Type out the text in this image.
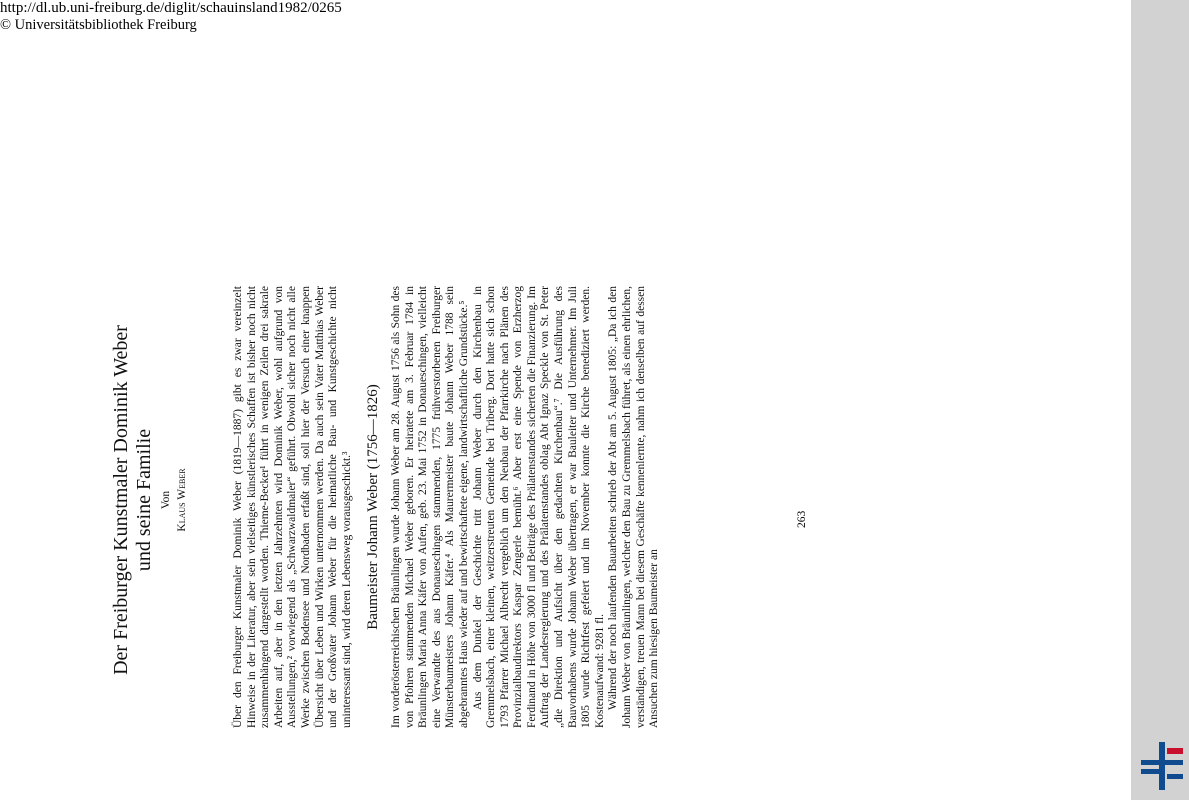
Der Freiburger Kunstmaler Dominik Weber und seine Familie Von Klaus Weber	Über den Freiburger Kunstmaler Dominik Weber (1819—1887) gibt es zwar vereinzelt Hinweise in der Literatur, aber sein vielseitiges künstlerisches Schaffen ist bisher noch nicht zusammenhängend dargestellt worden. Thieme-Becker¹ führt in wenigen Zeilen drei sakrale Arbeiten auf, aber in den letzten Jahrzehnten wird Dominik Weber, wohl aufgrund von Ausstellungen,² vorwiegend als „Schwarzwaldmaler“ geführt. Obwohl sicher noch nicht alle Werke zwischen Bodensee und Nordbaden erfaßt sind, soll hier der Versuch einer knappen Übersicht über Leben und Wirken unternommen werden. Da auch sein Vater Matthias Weber und der Großvater Johann Weber für die heimatliche Bau- und Kunstgeschichte nicht uninteressant sind, wird deren Lebensweg vorausgeschickt.³ Baumeister Johann Weber (1756—1826) Im vorderösterreichischen Bräunlingen wurde Johann Weber am 28. August 1756 als Sohn des von Pfohren stammenden Michael Weber geboren. Er heiratete am 3. Februar 1784 in Bräunlingen Maria Anna Käfer von Aufen, geb. 23. Mai 1752 in Donaueschingen, vielleicht eine Verwandte des aus Donaueschingen stammenden, 1775 frühverstorbenen Freiburger Münsterbaumeisters Johann Käfer.⁴ Als Maurermeister baute Johann Weber 1788 sein abgebranntes Haus wieder auf und bewirtschaftete eigene, landwirtschaftliche Grundstücke.⁵ Aus dem Dunkel der Geschichte tritt Johann Weber durch den Kirchenbau in Gremmelsbach, einer kleinen, weitzerstreuten Gemeinde bei Triberg. Dort hatte sich schon 1793 Pfarrer Michael Albrecht vergeblich um den Neubau der Pfarrkirche nach Plänen des Provinzialbaudirektors Kaspar Zengerle bemüht.⁶ Aber erst eine Spende von Erzherzog Ferdinand in Höhe von 3000 fl und Beiträge des Prälatenstandes sicherten die Finanzierung. Im Auftrag der Landesregierung und des Prälatenstandes oblag Abt Ignaz Speckle von St. Peter „die Direktion und Aufsicht über den gedachten Kirchenbau“.⁷ Die Ausführung des Bauvorhabens wurde Johann Weber übertragen, er war Bauleiter und Unternehmer. Im Juli 1805 wurde Richtfest gefeiert und im November konnte die Kirche benediziert werden. Kostenaufwand: 9281 fl. Während der noch laufenden Bauarbeiten schrieb der Abt am 5. August 1805: „Da ich den Johann Weber von Bräunlingen, welcher den Bau zu Gremmelsbach führet, als einen ehrlichen, verständigen, treuen Mann bei diesem Geschäfte kennenlernte, nahm ich denselben auf dessen Ansuchen zum hiesigen Baumeister an

263
http://dl.ub.uni-freiburg.de/diglit/schauinsland1982/0265
© Universitätsbibliothek Freiburg
